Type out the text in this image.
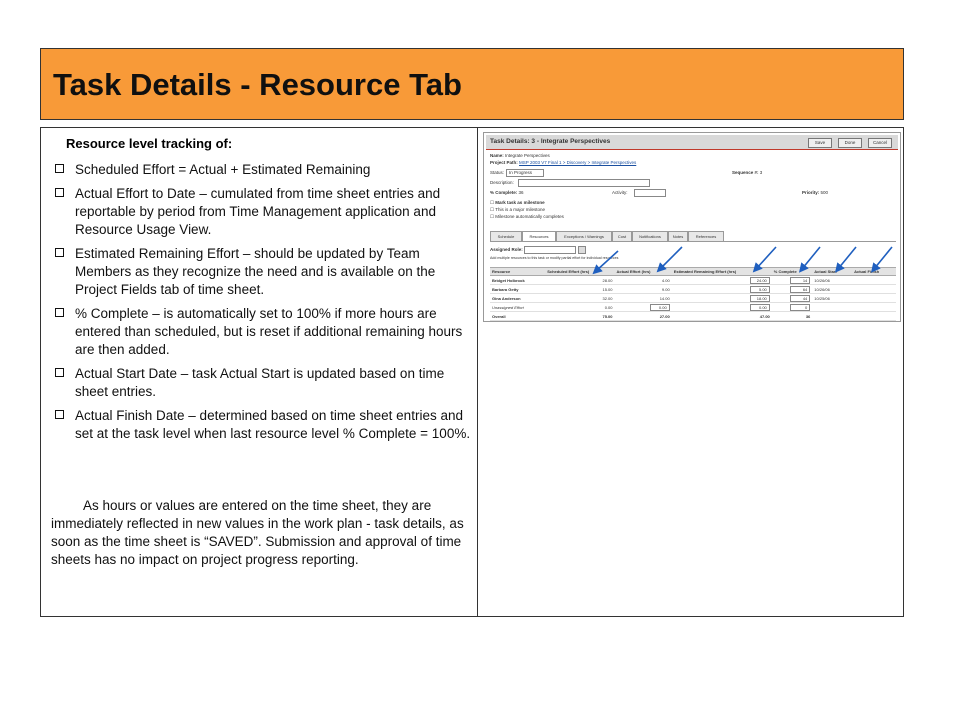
Task Details - Resource Tab
Resource level tracking of:
Scheduled Effort = Actual + Estimated Remaining
Actual Effort to Date – cumulated from time sheet entries and reportable by period from Time Management application and Resource Usage View.
Estimated Remaining Effort – should be updated by Team Members as they recognize the need and is available on the Project Fields tab of time sheet.
% Complete – is automatically set to 100% if more hours are entered than scheduled, but is reset if additional remaining hours are then added.
Actual Start Date – task Actual Start is updated based on time sheet entries.
Actual Finish Date – determined based on time sheet entries and set at the task level when last resource level % Complete = 100%.
As hours or values are entered on the time sheet, they are immediately reflected in new values in the work plan - task details, as soon as the time sheet is “SAVED”. Submission and approval of time sheets has no impact on project progress reporting.
Task Details: 3 - Integrate Perspectives	Save	Done	Cancel
Name: Integrate Perspectives
Project Path: MSP 2003 V7 Final 1 > Discovery > Integrate Perspectives
Status: In Progress	Sequence #: 3
Description:
% Complete: 36	Activity:	Priority: 500
☐ Mark task as milestone
☐ This is a major milestone
☐ Milestone automatically completes
Schedule	Resources	Exceptions / Warnings	Cost	Notifications	Notes	References
Assigned Role:
Add multiple resources to this task or modify partial effort for individual resources
Resource	Scheduled Effort (hrs)	Actual Effort (hrs)	Estimated Remaining Effort (hrs)	% Complete	Actual Start	Actual Finish
Bridget Holbrook	28.00	4.00	24.00	14	10/26/06	
Barbara Getty	15.00	9.00	5.00	64	10/26/06	
Gina Anderson	32.00	14.00	18.00	44	10/25/06	
Unassigned Effort	0.00	0.00	0.00	0		
Overall	75.00	27.00	47.00	36		
